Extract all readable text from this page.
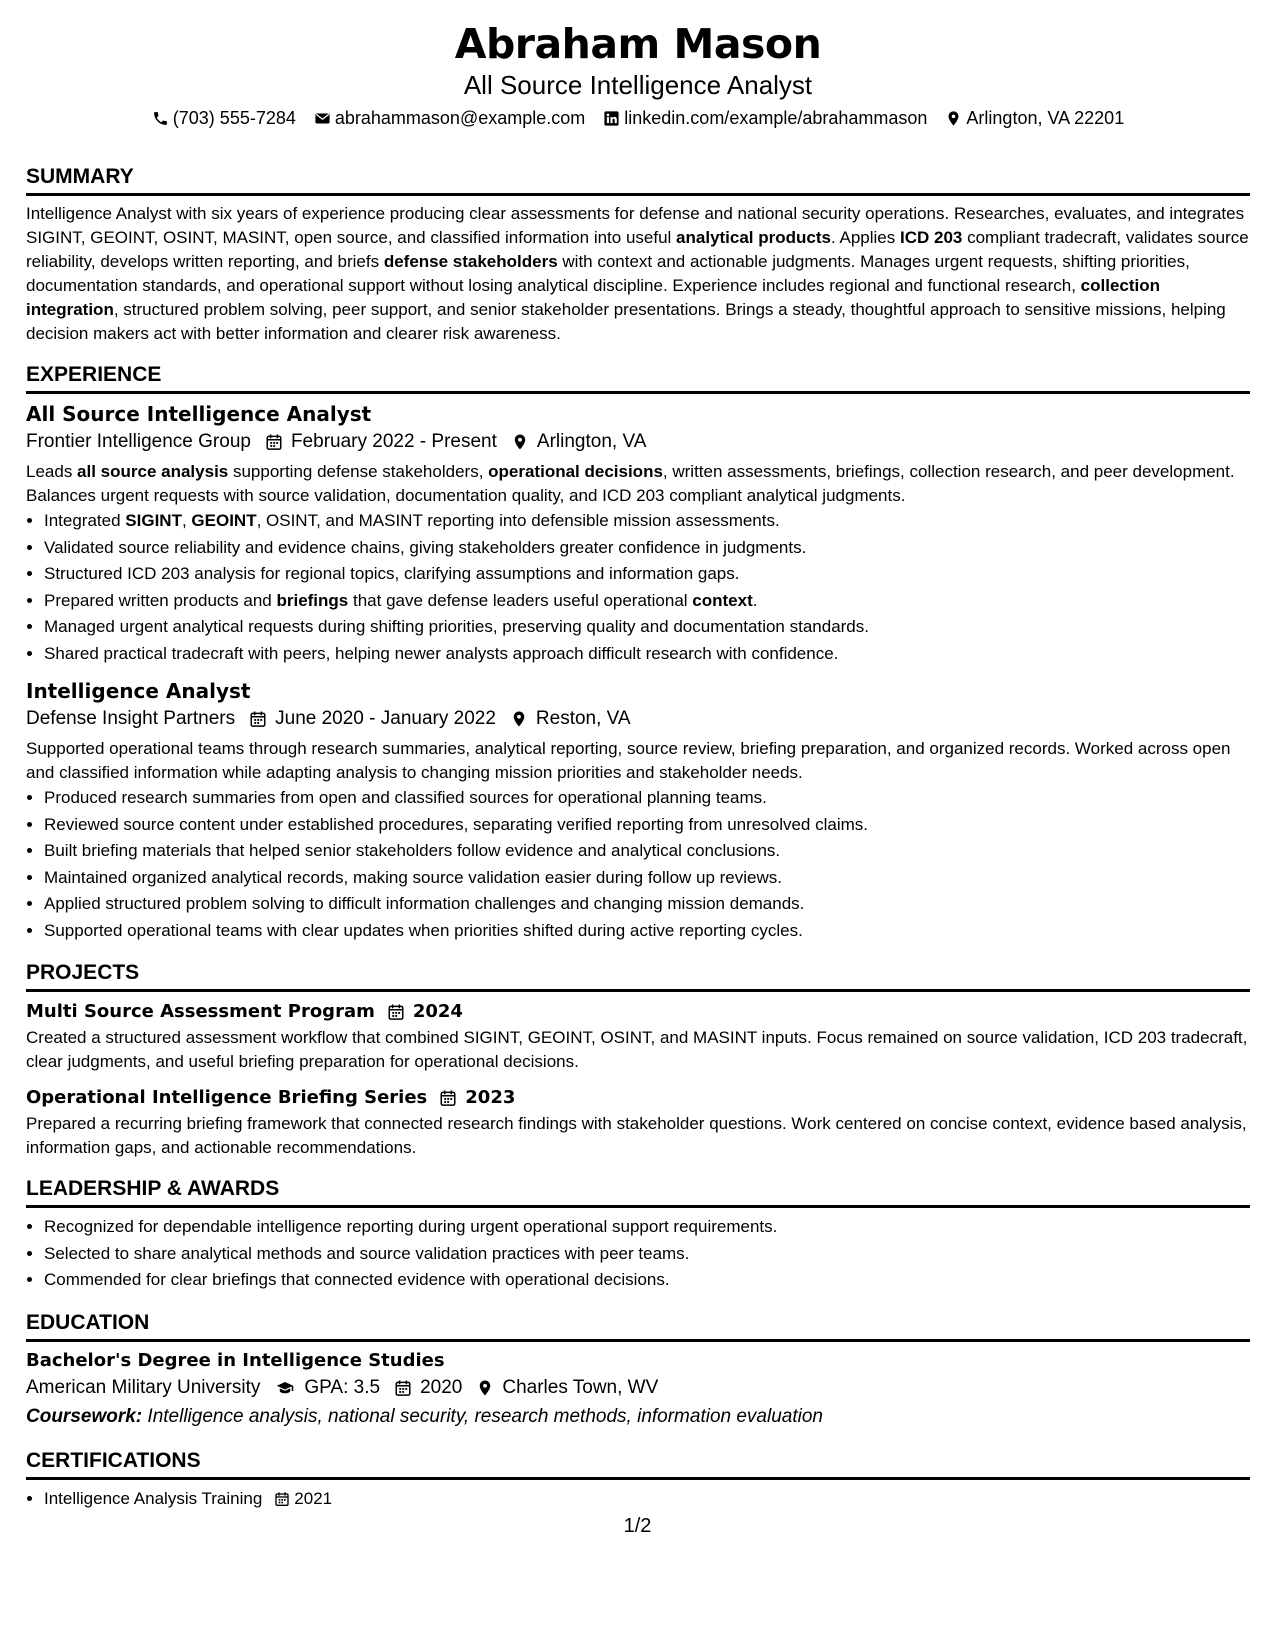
Abraham Mason
All Source Intelligence Analyst
(703) 555-7284 abrahammason@example.com linkedin.com/example/abrahammason Arlington, VA 22201
SUMMARY
Intelligence Analyst with six years of experience producing clear assessments for defense and national security operations. Researches, evaluates, and integrates SIGINT, GEOINT, OSINT, MASINT, open source, and classified information into useful analytical products. Applies ICD 203 compliant tradecraft, validates source reliability, develops written reporting, and briefs defense stakeholders with context and actionable judgments. Manages urgent requests, shifting priorities, documentation standards, and operational support without losing analytical discipline. Experience includes regional and functional research, collection integration, structured problem solving, peer support, and senior stakeholder presentations. Brings a steady, thoughtful approach to sensitive missions, helping decision makers act with better information and clearer risk awareness.
EXPERIENCE
All Source Intelligence Analyst
Frontier Intelligence Group February 2022 - Present Arlington, VA
Leads all source analysis supporting defense stakeholders, operational decisions, written assessments, briefings, collection research, and peer development. Balances urgent requests with source validation, documentation quality, and ICD 203 compliant analytical judgments.
• Integrated SIGINT, GEOINT, OSINT, and MASINT reporting into defensible mission assessments.
• Validated source reliability and evidence chains, giving stakeholders greater confidence in judgments.
• Structured ICD 203 analysis for regional topics, clarifying assumptions and information gaps.
• Prepared written products and briefings that gave defense leaders useful operational context.
• Managed urgent analytical requests during shifting priorities, preserving quality and documentation standards.
• Shared practical tradecraft with peers, helping newer analysts approach difficult research with confidence.
Intelligence Analyst
Defense Insight Partners June 2020 - January 2022 Reston, VA
Supported operational teams through research summaries, analytical reporting, source review, briefing preparation, and organized records. Worked across open and classified information while adapting analysis to changing mission priorities and stakeholder needs.
• Produced research summaries from open and classified sources for operational planning teams.
• Reviewed source content under established procedures, separating verified reporting from unresolved claims.
• Built briefing materials that helped senior stakeholders follow evidence and analytical conclusions.
• Maintained organized analytical records, making source validation easier during follow up reviews.
• Applied structured problem solving to difficult information challenges and changing mission demands.
• Supported operational teams with clear updates when priorities shifted during active reporting cycles.
PROJECTS
Multi Source Assessment Program 2024
Created a structured assessment workflow that combined SIGINT, GEOINT, OSINT, and MASINT inputs. Focus remained on source validation, ICD 203 tradecraft, clear judgments, and useful briefing preparation for operational decisions.
Operational Intelligence Briefing Series 2023
Prepared a recurring briefing framework that connected research findings with stakeholder questions. Work centered on concise context, evidence based analysis, information gaps, and actionable recommendations.
LEADERSHIP & AWARDS
• Recognized for dependable intelligence reporting during urgent operational support requirements.
• Selected to share analytical methods and source validation practices with peer teams.
• Commended for clear briefings that connected evidence with operational decisions.
EDUCATION
Bachelor's Degree in Intelligence Studies
American Military University GPA: 3.5 2020 Charles Town, WV
Coursework: Intelligence analysis, national security, research methods, information evaluation
CERTIFICATIONS
• Intelligence Analysis Training 2021
1/2
